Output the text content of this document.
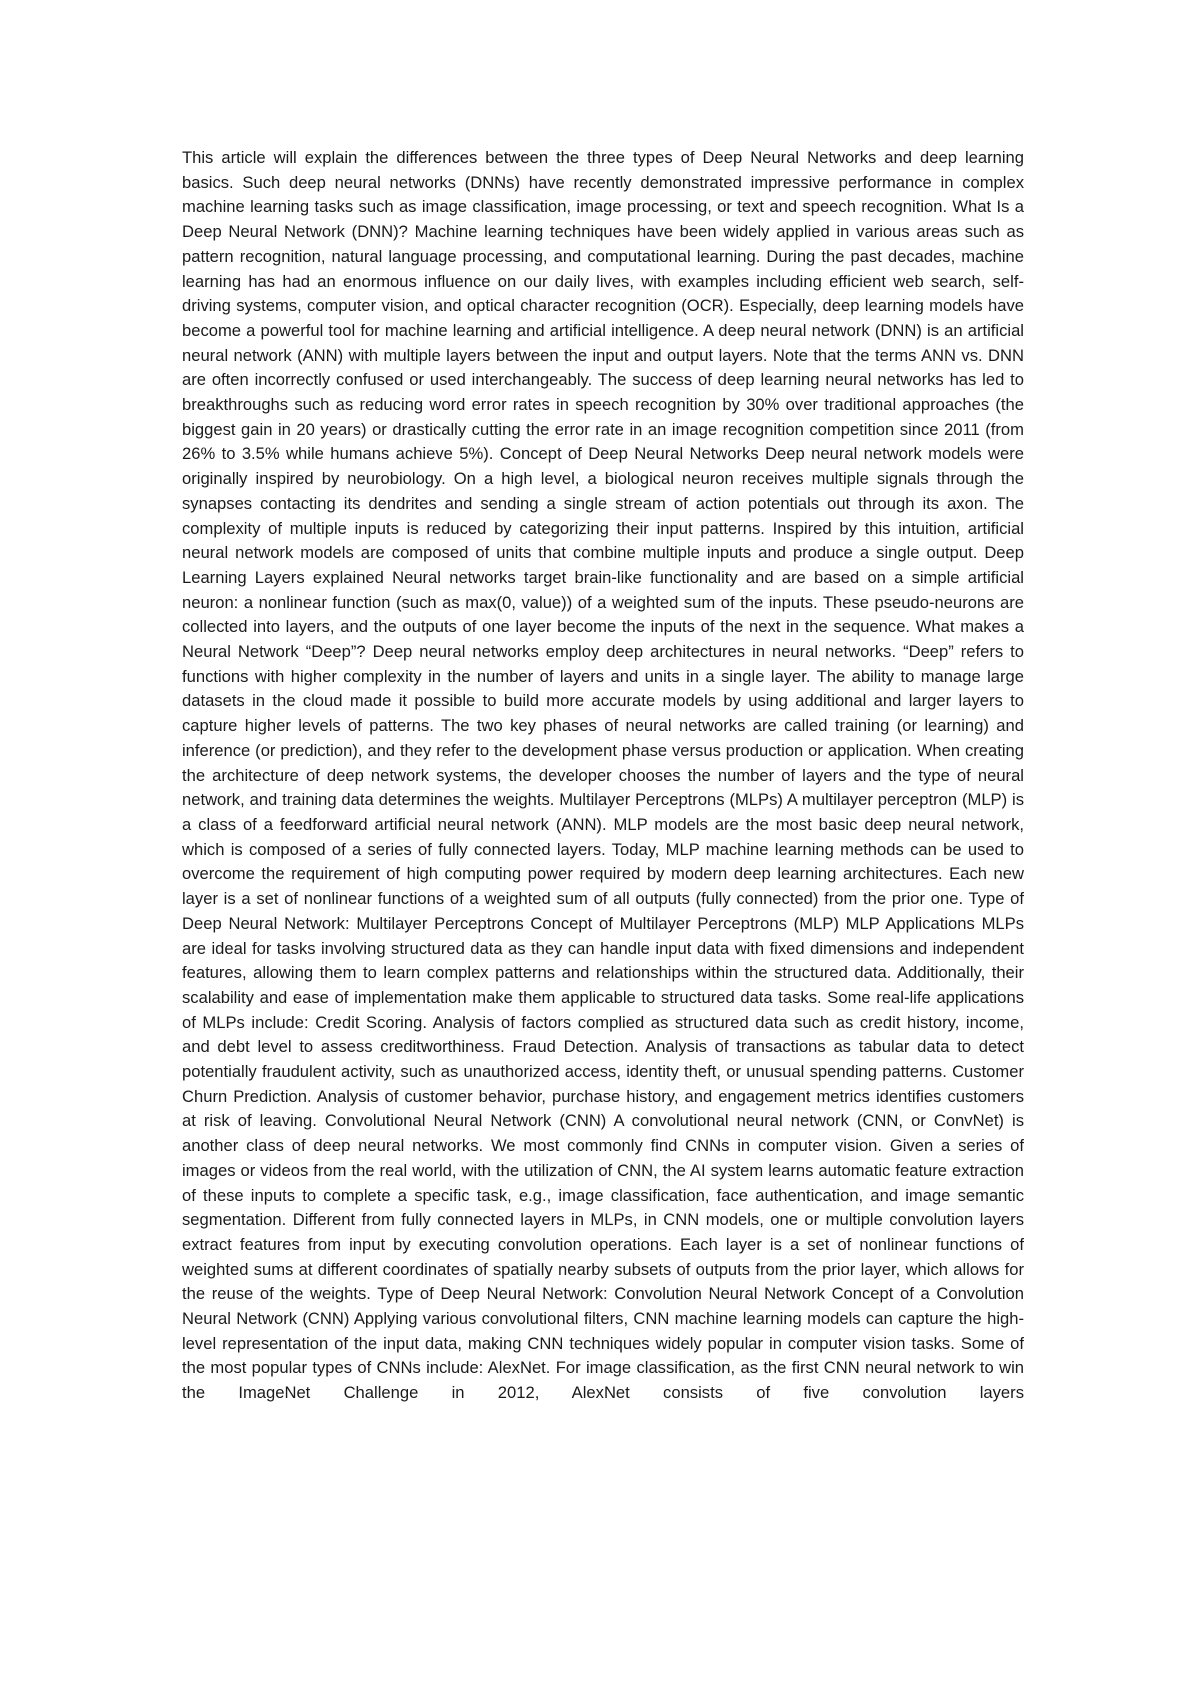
This article will explain the differences between the three types of Deep Neural Networks and deep learning basics. Such deep neural networks (DNNs) have recently demonstrated impressive performance in complex machine learning tasks such as image classification, image processing, or text and speech recognition. What Is a Deep Neural Network (DNN)? Machine learning techniques have been widely applied in various areas such as pattern recognition, natural language processing, and computational learning. During the past decades, machine learning has had an enormous influence on our daily lives, with examples including efficient web search, self-driving systems, computer vision, and optical character recognition (OCR). Especially, deep learning models have become a powerful tool for machine learning and artificial intelligence. A deep neural network (DNN) is an artificial neural network (ANN) with multiple layers between the input and output layers. Note that the terms ANN vs. DNN are often incorrectly confused or used interchangeably. The success of deep learning neural networks has led to breakthroughs such as reducing word error rates in speech recognition by 30% over traditional approaches (the biggest gain in 20 years) or drastically cutting the error rate in an image recognition competition since 2011 (from 26% to 3.5% while humans achieve 5%). Concept of Deep Neural Networks Deep neural network models were originally inspired by neurobiology. On a high level, a biological neuron receives multiple signals through the synapses contacting its dendrites and sending a single stream of action potentials out through its axon. The complexity of multiple inputs is reduced by categorizing their input patterns. Inspired by this intuition, artificial neural network models are composed of units that combine multiple inputs and produce a single output. Deep Learning Layers explained Neural networks target brain-like functionality and are based on a simple artificial neuron: a nonlinear function (such as max(0, value)) of a weighted sum of the inputs. These pseudo-neurons are collected into layers, and the outputs of one layer become the inputs of the next in the sequence. What makes a Neural Network “Deep”? Deep neural networks employ deep architectures in neural networks. “Deep” refers to functions with higher complexity in the number of layers and units in a single layer. The ability to manage large datasets in the cloud made it possible to build more accurate models by using additional and larger layers to capture higher levels of patterns. The two key phases of neural networks are called training (or learning) and inference (or prediction), and they refer to the development phase versus production or application. When creating the architecture of deep network systems, the developer chooses the number of layers and the type of neural network, and training data determines the weights. Multilayer Perceptrons (MLPs) A multilayer perceptron (MLP) is a class of a feedforward artificial neural network (ANN). MLP models are the most basic deep neural network, which is composed of a series of fully connected layers. Today, MLP machine learning methods can be used to overcome the requirement of high computing power required by modern deep learning architectures. Each new layer is a set of nonlinear functions of a weighted sum of all outputs (fully connected) from the prior one. Type of Deep Neural Network: Multilayer Perceptrons Concept of Multilayer Perceptrons (MLP) MLP Applications MLPs are ideal for tasks involving structured data as they can handle input data with fixed dimensions and independent features, allowing them to learn complex patterns and relationships within the structured data. Additionally, their scalability and ease of implementation make them applicable to structured data tasks. Some real-life applications of MLPs include: Credit Scoring. Analysis of factors complied as structured data such as credit history, income, and debt level to assess creditworthiness. Fraud Detection. Analysis of transactions as tabular data to detect potentially fraudulent activity, such as unauthorized access, identity theft, or unusual spending patterns. Customer Churn Prediction. Analysis of customer behavior, purchase history, and engagement metrics identifies customers at risk of leaving. Convolutional Neural Network (CNN) A convolutional neural network (CNN, or ConvNet) is another class of deep neural networks. We most commonly find CNNs in computer vision. Given a series of images or videos from the real world, with the utilization of CNN, the AI system learns automatic feature extraction of these inputs to complete a specific task, e.g., image classification, face authentication, and image semantic segmentation. Different from fully connected layers in MLPs, in CNN models, one or multiple convolution layers extract features from input by executing convolution operations. Each layer is a set of nonlinear functions of weighted sums at different coordinates of spatially nearby subsets of outputs from the prior layer, which allows for the reuse of the weights. Type of Deep Neural Network: Convolution Neural Network Concept of a Convolution Neural Network (CNN) Applying various convolutional filters, CNN machine learning models can capture the high-level representation of the input data, making CNN techniques widely popular in computer vision tasks. Some of the most popular types of CNNs include: AlexNet. For image classification, as the first CNN neural network to win the ImageNet Challenge in 2012, AlexNet consists of five convolution layers
